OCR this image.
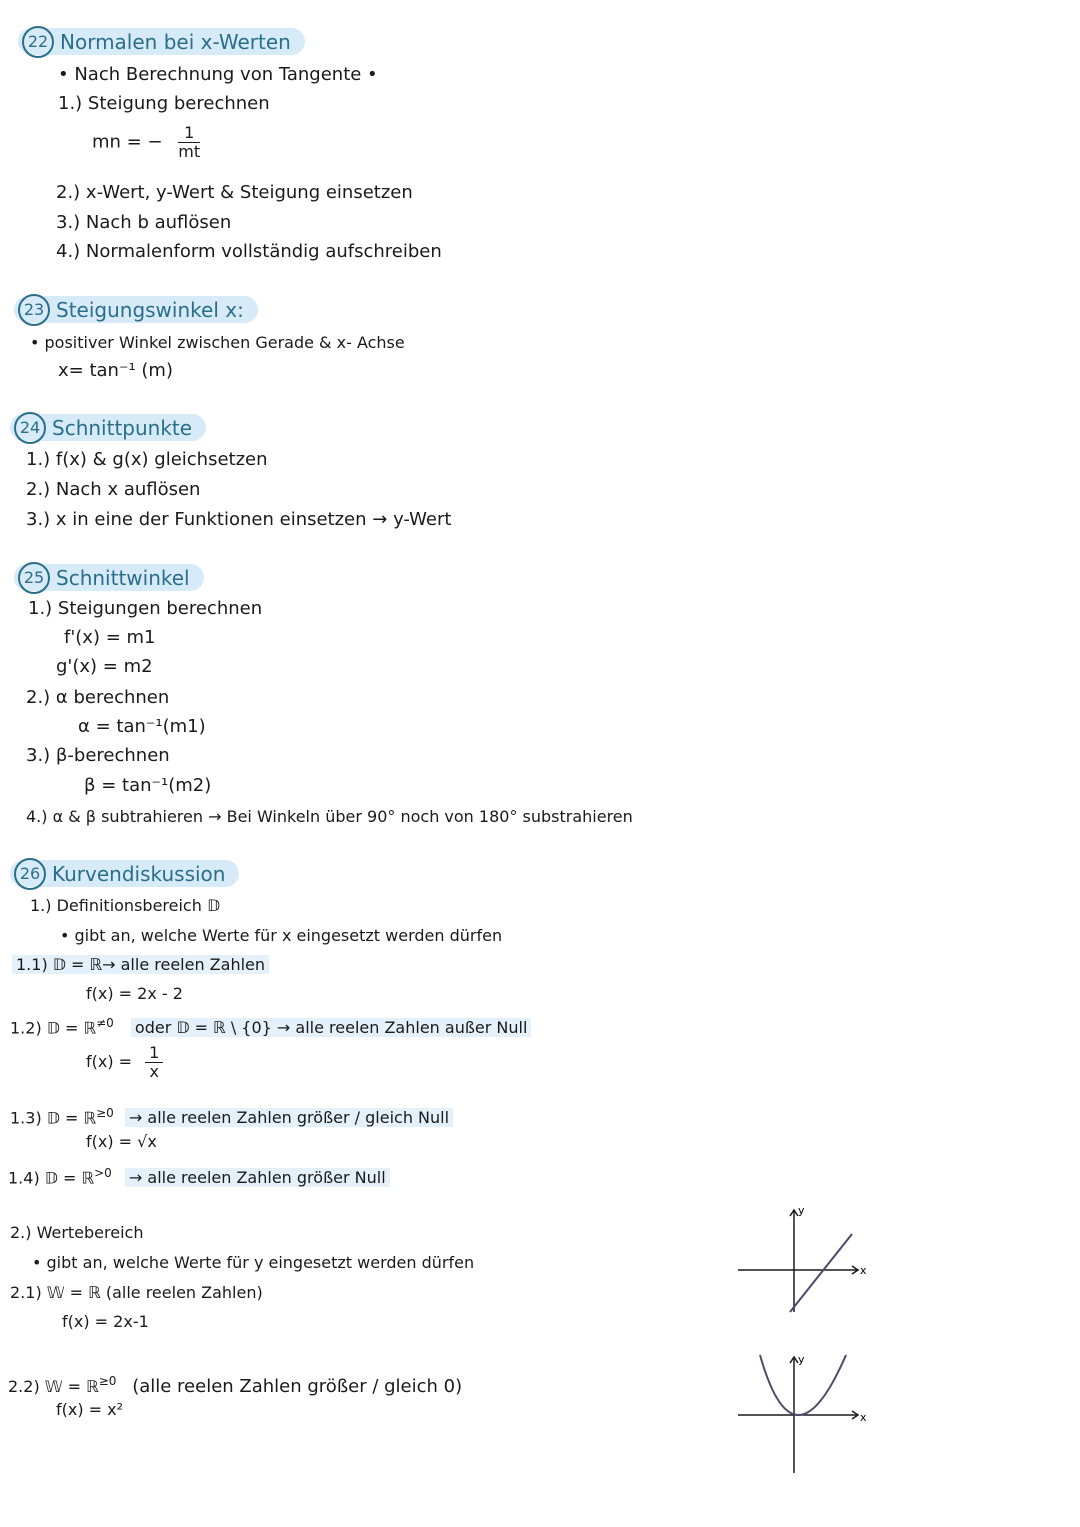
22 Normalen bei x-Werten
• Nach Berechnung von Tangente •
1.) Steigung berechnen
mn = − $\frac{1}{mt}$
2.) x-Wert, y-Wert & Steigung einsetzen
3.) Nach b auflösen
4.) Normalenform vollständig aufschreiben
23 Steigungswinkel x:
• positiver Winkel zwischen Gerade & x- Achse
x= tan⁻¹ (m)
24 Schnittpunkte
1.) f(x) & g(x) gleichsetzen
2.) Nach x auflösen
3.) x in eine der Funktionen einsetzen → y-Wert
25 Schnittwinkel
1.) Steigungen berechnen
f'(x) = m1
g'(x) = m2
2.) α berechnen
α = tan⁻¹(m1)
3.) β-berechnen
β = tan⁻¹(m2)
4.) α & β subtrahieren → Bei Winkeln über 90° noch von 180° substrahieren
26 Kurvendiskussion
1.) Definitionsbereich 𝔻
• gibt an, welche Werte für x eingesetzt werden dürfen
1.1) 𝔻 = ℝ→ alle reelen Zahlen
f(x) = 2x - 2
1.2) 𝔻 = ℝ$^{\ne 0}$ oder 𝔻 = ℝ \ {0} → alle reelen Zahlen außer Null
$f(x) = \frac{1}{x}$
1.3) 𝔻 = ℝ$^{\ge 0}$ → alle reelen Zahlen größer / gleich Null
f(x) = √x
1.4) 𝔻 = ℝ$^{>0}$ → alle reelen Zahlen größer Null
2.) Wertebereich
• gibt an, welche Werte für y eingesetzt werden dürfen
2.1) 𝕎 = ℝ (alle reelen Zahlen)
f(x) = 2x-1
2.2) 𝕎 = ℝ$^{\ge 0}$ (alle reelen Zahlen größer / gleich 0)
f(x) = x²
x
y
x
y
